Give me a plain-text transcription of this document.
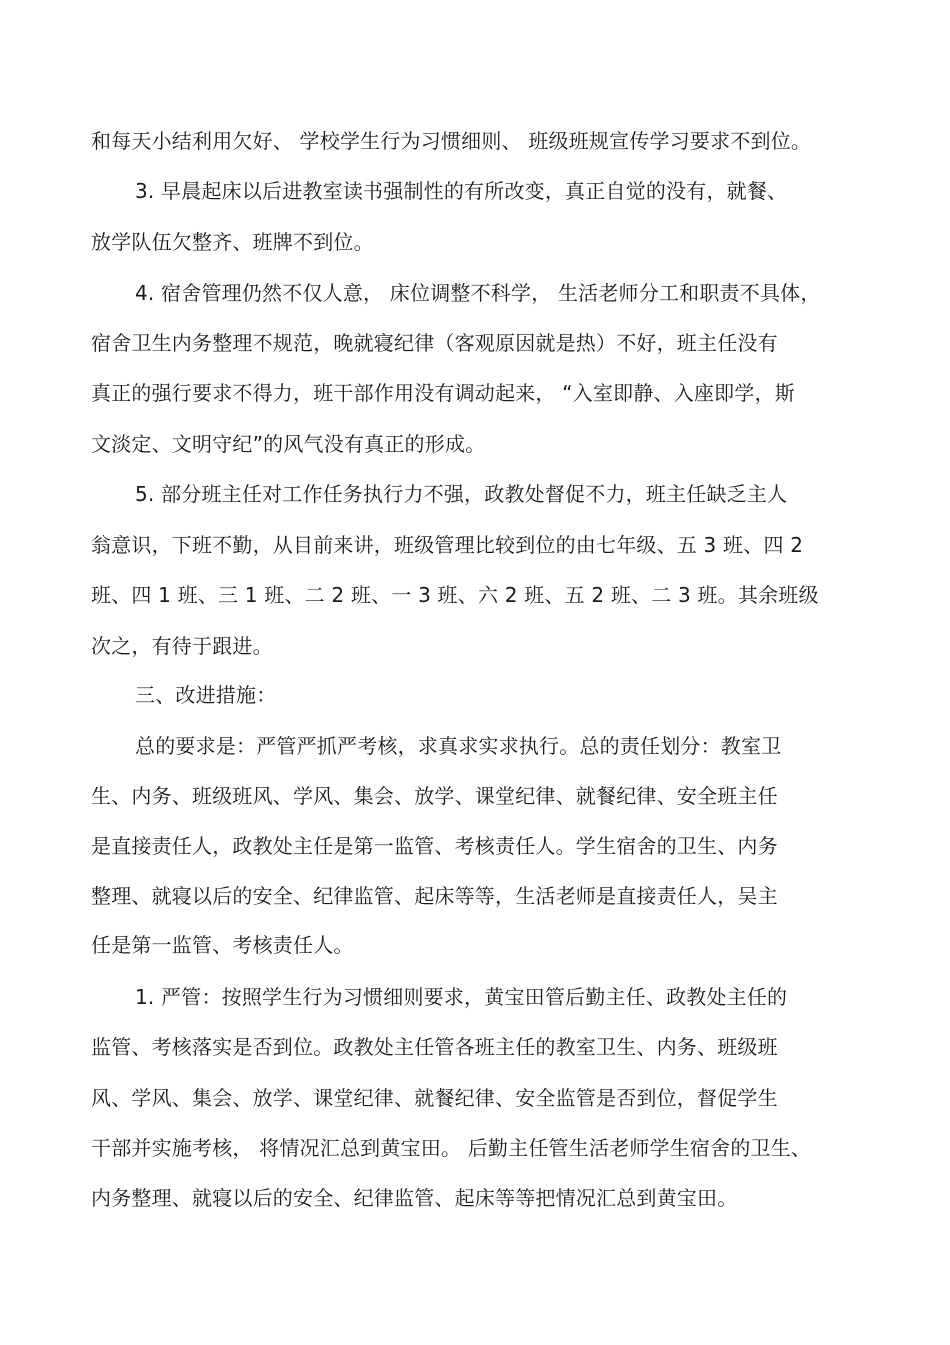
和每天小结利用欠好、 学校学生行为习惯细则、 班级班规宣传学习要求不到位。
3. 早晨起床以后进教室读书强制性的有所改变，真正自觉的没有，就餐、
放学队伍欠整齐、班牌不到位。
4. 宿舍管理仍然不仅人意， 床位调整不科学， 生活老师分工和职责不具体，
宿舍卫生内务整理不规范，晚就寝纪律（客观原因就是热）不好，班主任没有
真正的强行要求不得力，班干部作用没有调动起来， “入室即静、入座即学，斯
文淡定、文明守纪”的风气没有真正的形成。
5. 部分班主任对工作任务执行力不强，政教处督促不力，班主任缺乏主人
翁意识，下班不勤，从目前来讲，班级管理比较到位的由七年级、五 3 班、四 2
班、四 1 班、三 1 班、二 2 班、一 3 班、六 2 班、五 2 班、二 3 班。其余班级
次之，有待于跟进。
三、改进措施：
总的要求是：严管严抓严考核，求真求实求执行。总的责任划分：教室卫
生、内务、班级班风、学风、集会、放学、课堂纪律、就餐纪律、安全班主任
是直接责任人，政教处主任是第一监管、考核责任人。学生宿舍的卫生、内务
整理、就寝以后的安全、纪律监管、起床等等，生活老师是直接责任人，吴主
任是第一监管、考核责任人。
1. 严管：按照学生行为习惯细则要求，黄宝田管后勤主任、政教处主任的
监管、考核落实是否到位。政教处主任管各班主任的教室卫生、内务、班级班
风、学风、集会、放学、课堂纪律、就餐纪律、安全监管是否到位，督促学生
干部并实施考核， 将情况汇总到黄宝田。 后勤主任管生活老师学生宿舍的卫生、
内务整理、就寝以后的安全、纪律监管、起床等等把情况汇总到黄宝田。
